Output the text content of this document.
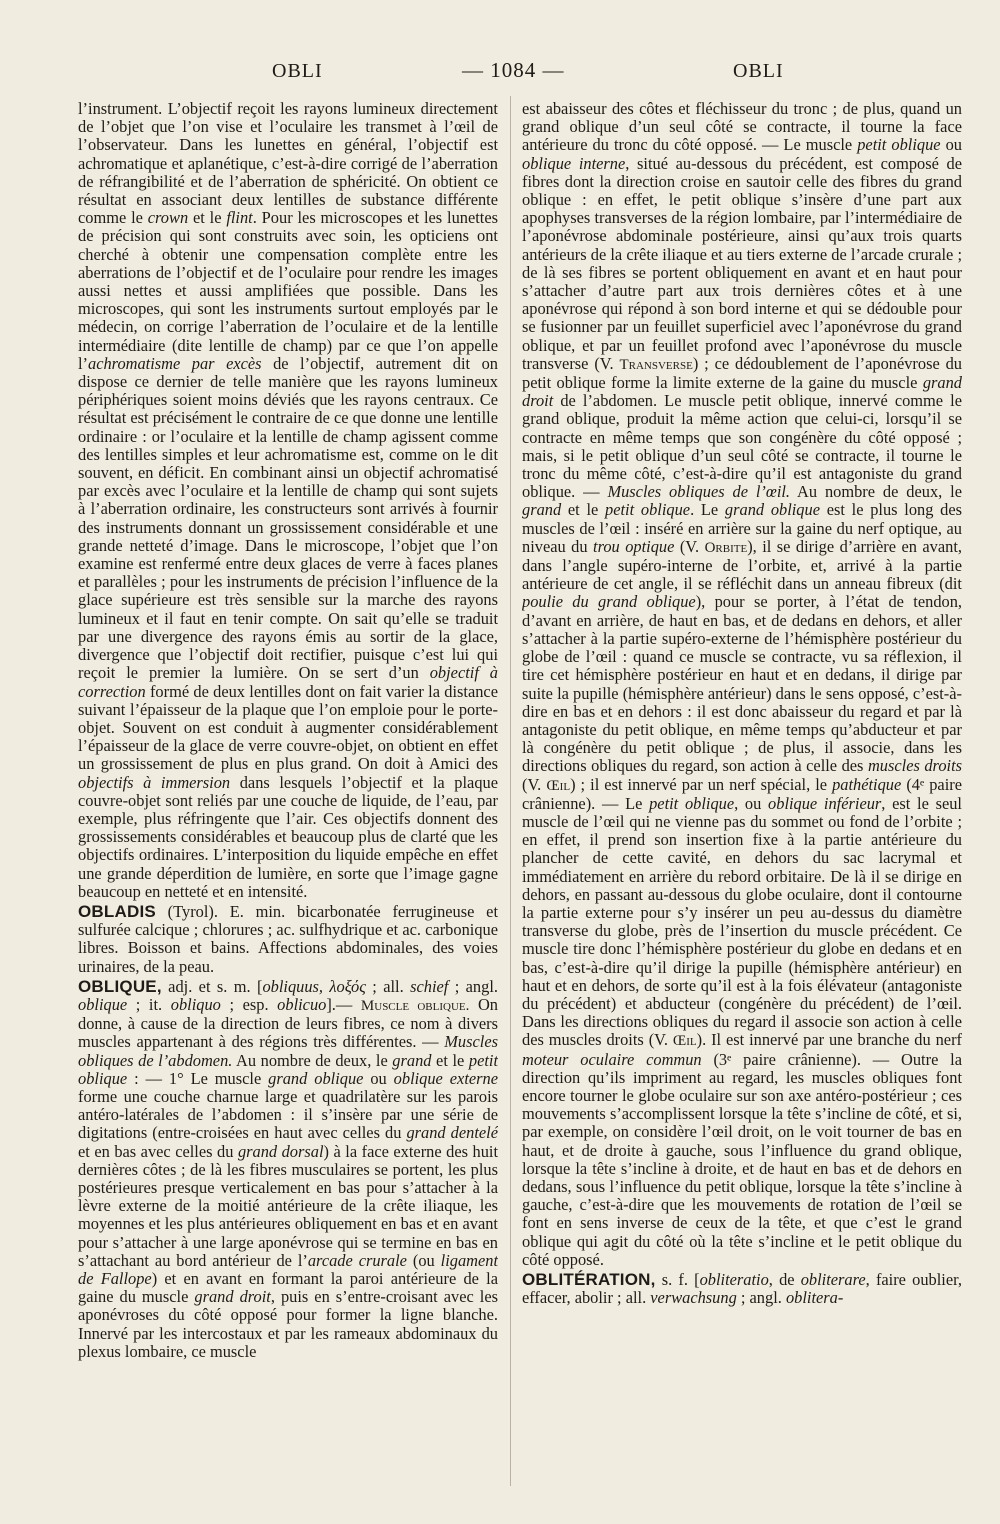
OBLI	— 1084 —	OBLI

l’instrument. L’objectif reçoit les rayons lumineux directement de l’objet que l’on vise et l’oculaire les transmet à l’œil de l’observateur. Dans les lunettes en général, l’objectif est achromatique et aplanétique, c’est-à-dire corrigé de l’aberration de réfrangibilité et de l’aberration de sphéricité. On obtient ce résultat en associant deux lentilles de substance différente comme le crown et le flint. Pour les microscopes et les lunettes de précision qui sont construits avec soin, les opticiens ont cherché à obtenir une compensation complète entre les aberrations de l’objectif et de l’oculaire pour rendre les images aussi nettes et aussi amplifiées que possible. Dans les microscopes, qui sont les instruments surtout employés par le médecin, on corrige l’aberration de l’oculaire et de la lentille intermédiaire (dite lentille de champ) par ce que l’on appelle l’achromatisme par excès de l’objectif, autrement dit on dispose ce dernier de telle manière que les rayons lumineux périphériques soient moins déviés que les rayons centraux. Ce résultat est précisément le contraire de ce que donne une lentille ordinaire : or l’oculaire et la lentille de champ agissent comme des lentilles simples et leur achromatisme est, comme on le dit souvent, en déficit. En combinant ainsi un objectif achromatisé par excès avec l’oculaire et la lentille de champ qui sont sujets à l’aberration ordinaire, les constructeurs sont arrivés à fournir des instruments donnant un grossissement considérable et une grande netteté d’image. Dans le microscope, l’objet que l’on examine est renfermé entre deux glaces de verre à faces planes et parallèles ; pour les instruments de précision l’influence de la glace supérieure est très sensible sur la marche des rayons lumineux et il faut en tenir compte. On sait qu’elle se traduit par une divergence des rayons émis au sortir de la glace, divergence que l’objectif doit rectifier, puisque c’est lui qui reçoit le premier la lumière. On se sert d’un objectif à correction formé de deux lentilles dont on fait varier la distance suivant l’épaisseur de la plaque que l’on emploie pour le porte-objet. Souvent on est conduit à augmenter considérablement l’épaisseur de la glace de verre couvre-objet, on obtient en effet un grossissement de plus en plus grand. On doit à Amici des objectifs à immersion dans lesquels l’objectif et la plaque couvre-objet sont reliés par une couche de liquide, de l’eau, par exemple, plus réfringente que l’air. Ces objectifs donnent des grossissements considérables et beaucoup plus de clarté que les objectifs ordinaires. L’interposition du liquide empêche en effet une grande déperdition de lumière, en sorte que l’image gagne beaucoup en netteté et en intensité.

OBLADIS (Tyrol). E. min. bicarbonatée ferrugineuse et sulfurée calcique ; chlorures ; ac. sulfhydrique et ac. carbonique libres. Boisson et bains. Affections abdominales, des voies urinaires, de la peau.

OBLIQUE, adj. et s. m. [obliquus, λοξός ; all. schief ; angl. oblique ; it. obliquo ; esp. oblicuo].— Muscle oblique. On donne, à cause de la direction de leurs fibres, ce nom à divers muscles appartenant à des régions très différentes. — Muscles obliques de l’abdomen. Au nombre de deux, le grand et le petit oblique : — 1° Le muscle grand oblique ou oblique externe forme une couche charnue large et quadrilatère sur les parois antéro-latérales de l’abdomen : il s’insère par une série de digitations (entre-croisées en haut avec celles du grand dentelé et en bas avec celles du grand dorsal) à la face externe des huit dernières côtes ; de là les fibres musculaires se portent, les plus postérieures presque verticalement en bas pour s’attacher à la lèvre externe de la moitié antérieure de la crête iliaque, les moyennes et les plus antérieures obliquement en bas et en avant pour s’attacher à une large aponévrose qui se termine en bas en s’attachant au bord antérieur de l’arcade crurale (ou ligament de Fallope) et en avant en formant la paroi antérieure de la gaine du muscle grand droit, puis en s’entre-croisant avec les aponévroses du côté opposé pour former la ligne blanche. Innervé par les intercostaux et par les rameaux abdominaux du plexus lombaire, ce muscle

est abaisseur des côtes et fléchisseur du tronc ; de plus, quand un grand oblique d’un seul côté se contracte, il tourne la face antérieure du tronc du côté opposé. — Le muscle petit oblique ou oblique interne, situé au-dessous du précédent, est composé de fibres dont la direction croise en sautoir celle des fibres du grand oblique : en effet, le petit oblique s’insère d’une part aux apophyses transverses de la région lombaire, par l’intermédiaire de l’aponévrose abdominale postérieure, ainsi qu’aux trois quarts antérieurs de la crête iliaque et au tiers externe de l’arcade crurale ; de là ses fibres se portent obliquement en avant et en haut pour s’attacher d’autre part aux trois dernières côtes et à une aponévrose qui répond à son bord interne et qui se dédouble pour se fusionner par un feuillet superficiel avec l’aponévrose du grand oblique, et par un feuillet profond avec l’aponévrose du muscle transverse (V. Transverse) ; ce dédoublement de l’aponévrose du petit oblique forme la limite externe de la gaine du muscle grand droit de l’abdomen. Le muscle petit oblique, innervé comme le grand oblique, produit la même action que celui-ci, lorsqu’il se contracte en même temps que son congénère du côté opposé ; mais, si le petit oblique d’un seul côté se contracte, il tourne le tronc du même côté, c’est-à-dire qu’il est antagoniste du grand oblique. — Muscles obliques de l’œil. Au nombre de deux, le grand et le petit oblique. Le grand oblique est le plus long des muscles de l’œil : inséré en arrière sur la gaine du nerf optique, au niveau du trou optique (V. Orbite), il se dirige d’arrière en avant, dans l’angle supéro-interne de l’orbite, et, arrivé à la partie antérieure de cet angle, il se réfléchit dans un anneau fibreux (dit poulie du grand oblique), pour se porter, à l’état de tendon, d’avant en arrière, de haut en bas, et de dedans en dehors, et aller s’attacher à la partie supéro-externe de l’hémisphère postérieur du globe de l’œil : quand ce muscle se contracte, vu sa réflexion, il tire cet hémisphère postérieur en haut et en dedans, il dirige par suite la pupille (hémisphère antérieur) dans le sens opposé, c’est-à-dire en bas et en dehors : il est donc abaisseur du regard et par là antagoniste du petit oblique, en même temps qu’abducteur et par là congénère du petit oblique ; de plus, il associe, dans les directions obliques du regard, son action à celle des muscles droits (V. Œil) ; il est innervé par un nerf spécial, le pathétique (4ᵉ paire crânienne). — Le petit oblique, ou oblique inférieur, est le seul muscle de l’œil qui ne vienne pas du sommet ou fond de l’orbite ; en effet, il prend son insertion fixe à la partie antérieure du plancher de cette cavité, en dehors du sac lacrymal et immédiatement en arrière du rebord orbitaire. De là il se dirige en dehors, en passant au-dessous du globe oculaire, dont il contourne la partie externe pour s’y insérer un peu au-dessus du diamètre transverse du globe, près de l’insertion du muscle précédent. Ce muscle tire donc l’hémisphère postérieur du globe en dedans et en bas, c’est-à-dire qu’il dirige la pupille (hémisphère antérieur) en haut et en dehors, de sorte qu’il est à la fois élévateur (antagoniste du précédent) et abducteur (congénère du précédent) de l’œil. Dans les directions obliques du regard il associe son action à celle des muscles droits (V. Œil). Il est innervé par une branche du nerf moteur oculaire commun (3ᵉ paire crânienne). — Outre la direction qu’ils impriment au regard, les muscles obliques font encore tourner le globe oculaire sur son axe antéro-postérieur ; ces mouvements s’accomplissent lorsque la tête s’incline de côté, et si, par exemple, on considère l’œil droit, on le voit tourner de bas en haut, et de droite à gauche, sous l’influence du grand oblique, lorsque la tête s’incline à droite, et de haut en bas et de dehors en dedans, sous l’influence du petit oblique, lorsque la tête s’incline à gauche, c’est-à-dire que les mouvements de rotation de l’œil se font en sens inverse de ceux de la tête, et que c’est le grand oblique qui agit du côté où la tête s’incline et le petit oblique du côté opposé.

OBLITÉRATION, s. f. [obliteratio, de obliterare, faire oublier, effacer, abolir ; all. verwachsung ; angl. oblitera-
